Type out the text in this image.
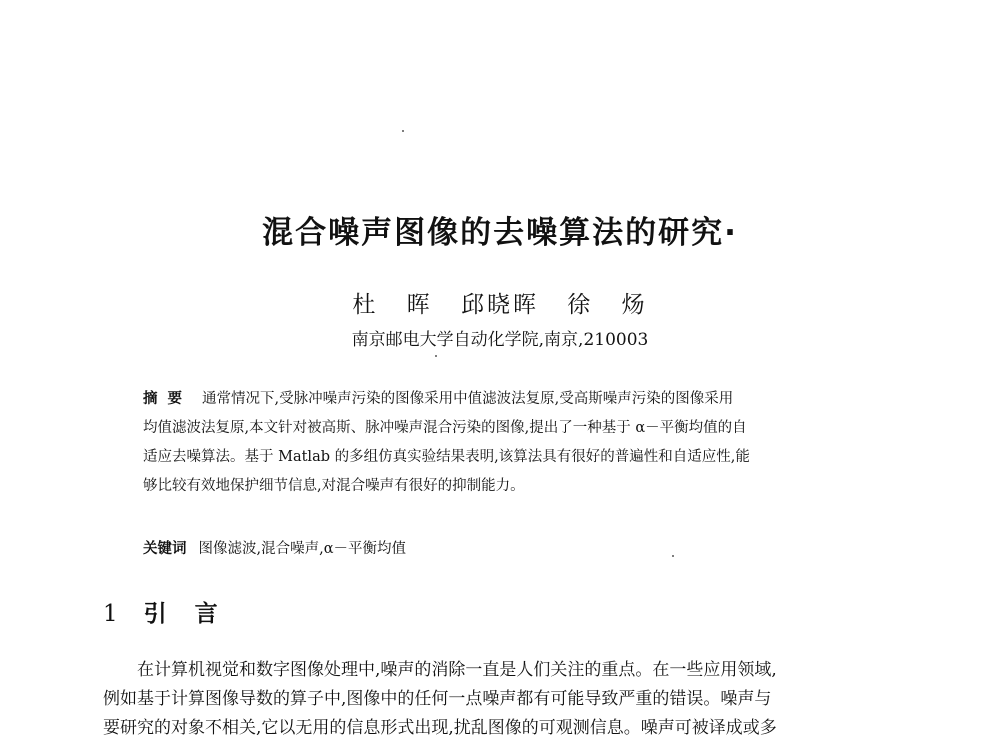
混合噪声图像的去噪算法的研究·
杜 晖 邱晓晖 徐 炀
南京邮电大学自动化学院,南京,210003
摘要 通常情况下,受脉冲噪声污染的图像采用中值滤波法复原,受高斯噪声污染的图像采用
均值滤波法复原,本文针对被高斯、脉冲噪声混合污染的图像,提出了一种基于 α－平衡均值的自
适应去噪算法。基于 Matlab 的多组仿真实验结果表明,该算法具有很好的普遍性和自适应性,能
够比较有效地保护细节信息,对混合噪声有很好的抑制能力。
关键词 图像滤波,混合噪声,α－平衡均值
1 引言
在计算机视觉和数字图像处理中,噪声的消除一直是人们关注的重点。在一些应用领域,
例如基于计算图像导数的算子中,图像中的任何一点噪声都有可能导致严重的错误。噪声与
要研究的对象不相关,它以无用的信息形式出现,扰乱图像的可观测信息。噪声可被译成或多
